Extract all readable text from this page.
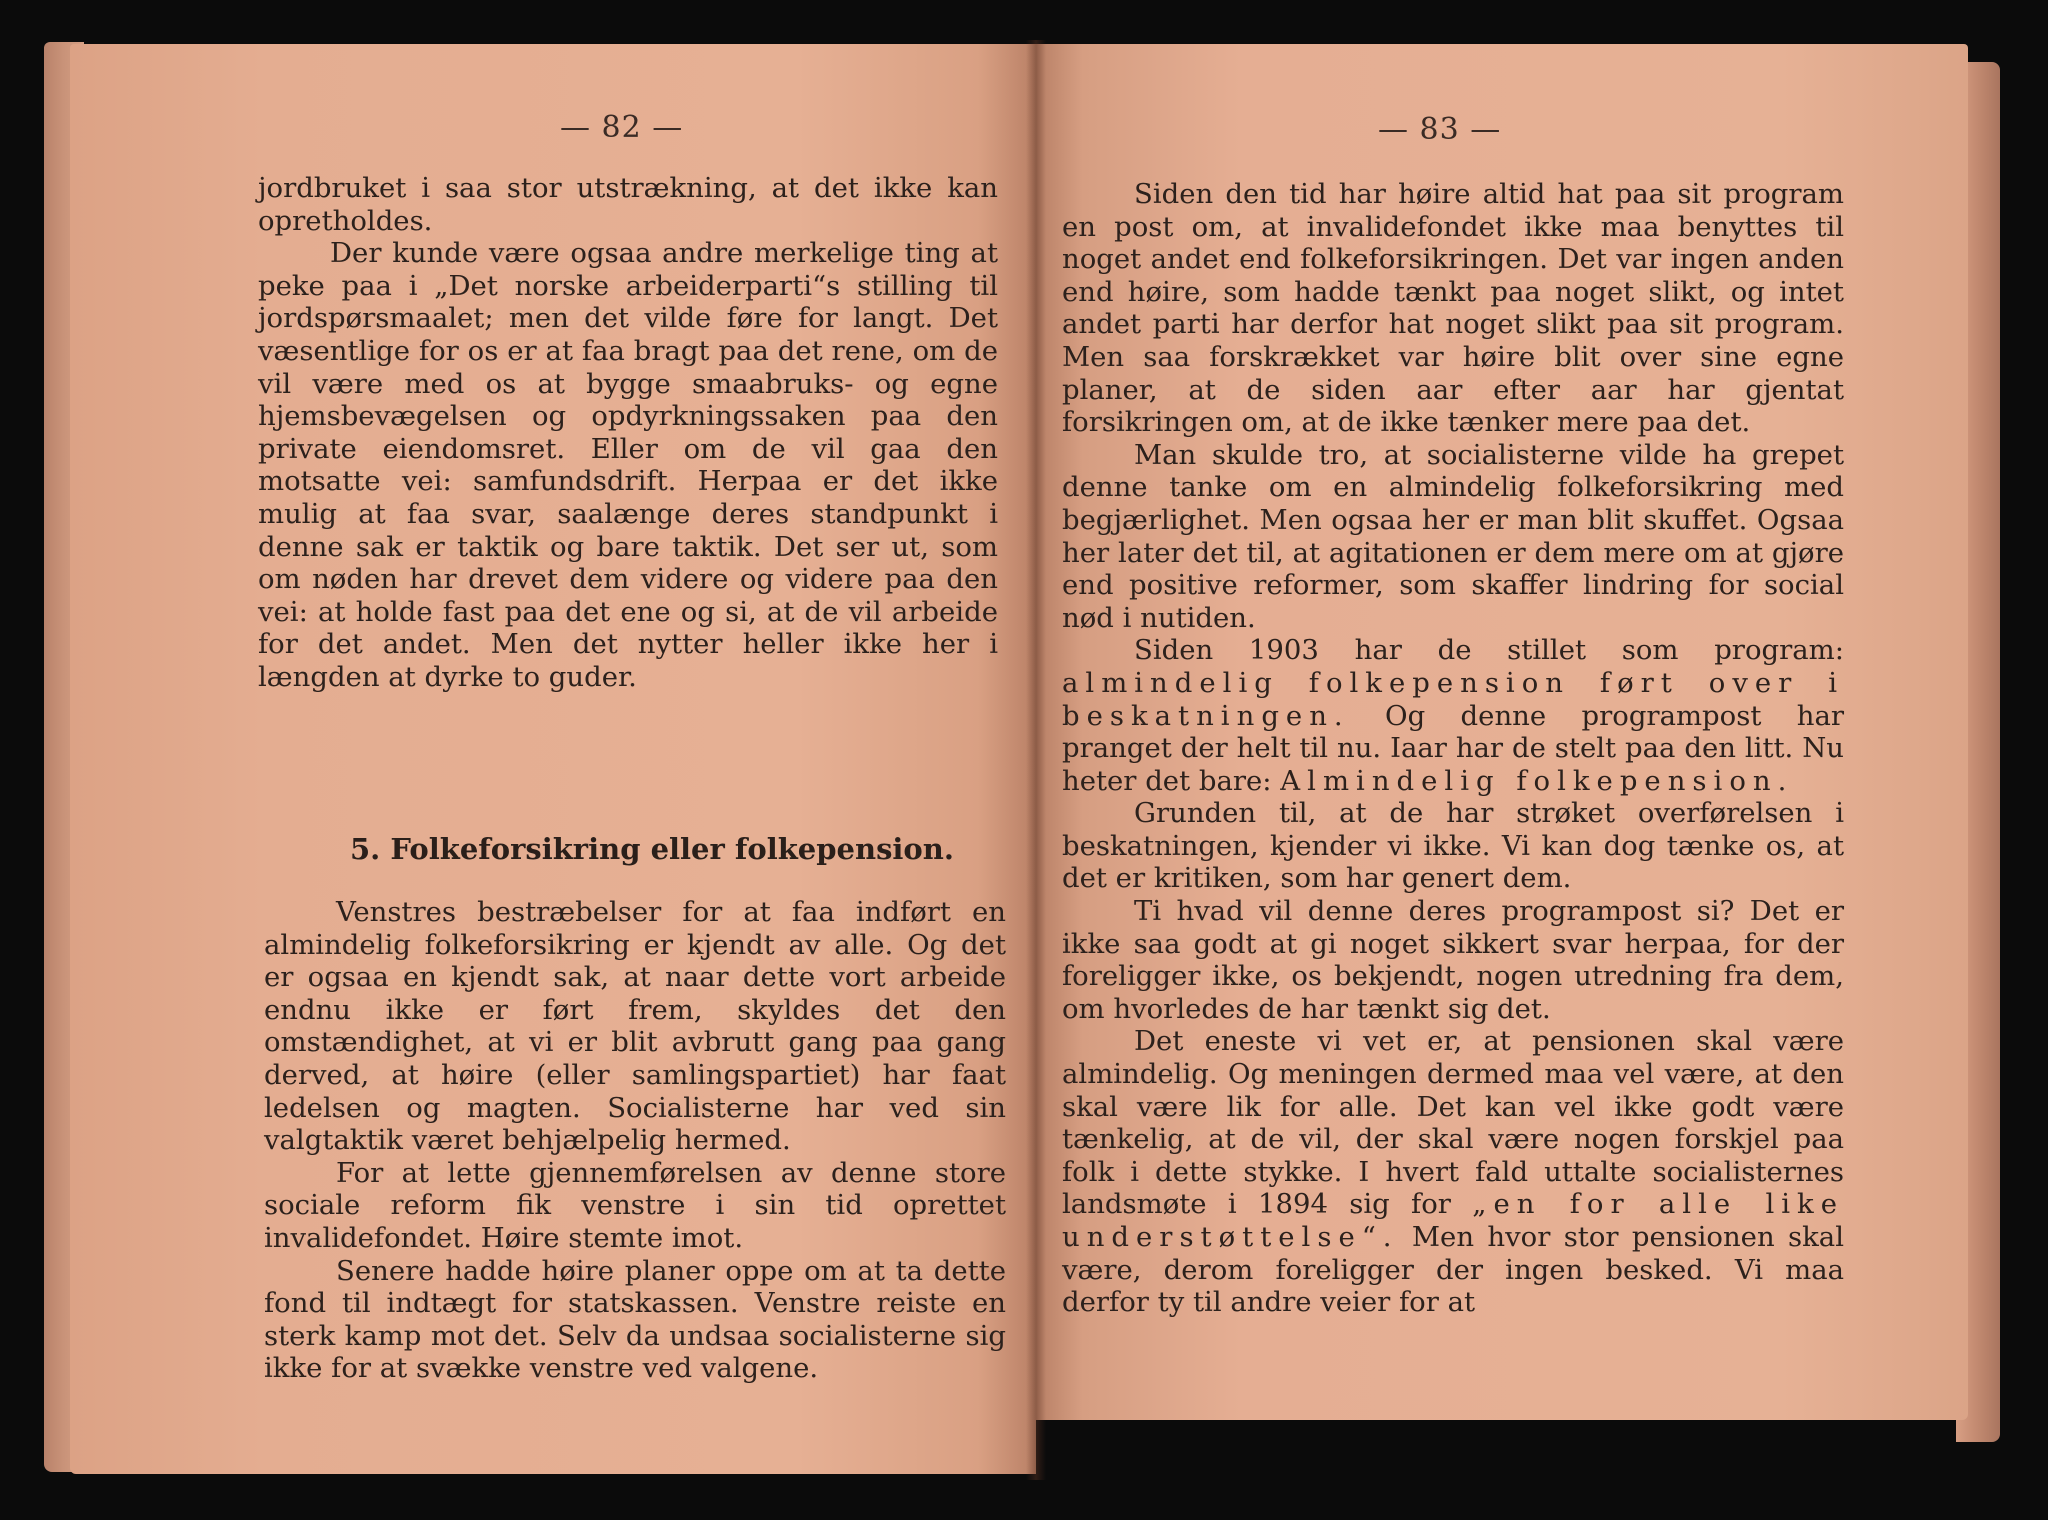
— 82 —

jordbruket i saa stor utstrækning, at det ikke kan opretholdes.

Der kunde være ogsaa andre merkelige ting at peke paa i „Det norske arbeiderparti“s stilling til jordspørsmaalet; men det vilde føre for langt. Det væsentlige for os er at faa bragt paa det rene, om de vil være med os at bygge smaabruks- og egne hjemsbevægelsen og opdyrkningssaken paa den private eiendomsret. Eller om de vil gaa den motsatte vei: samfundsdrift. Herpaa er det ikke mulig at faa svar, saalænge deres standpunkt i denne sak er taktik og bare taktik. Det ser ut, som om nøden har drevet dem videre og videre paa den vei: at holde fast paa det ene og si, at de vil arbeide for det andet. Men det nytter heller ikke her i længden at dyrke to guder.

5. Folkeforsikring eller folkepension.

Venstres bestræbelser for at faa indført en almindelig folkeforsikring er kjendt av alle. Og det er ogsaa en kjendt sak, at naar dette vort arbeide endnu ikke er ført frem, skyldes det den omstændighet, at vi er blit avbrutt gang paa gang derved, at høire (eller samlingspartiet) har faat ledelsen og magten. Socialisterne har ved sin valgtaktik været behjælpelig hermed.

For at lette gjennemførelsen av denne store sociale reform fik venstre i sin tid oprettet invalidefondet. Høire stemte imot.

Senere hadde høire planer oppe om at ta dette fond til indtægt for statskassen. Venstre reiste en sterk kamp mot det. Selv da undsaa socialisterne sig ikke for at svække venstre ved valgene.

— 83 —

Siden den tid har høire altid hat paa sit program en post om, at invalidefondet ikke maa benyttes til noget andet end folkeforsikringen. Det var ingen anden end høire, som hadde tænkt paa noget slikt, og intet andet parti har derfor hat noget slikt paa sit program. Men saa forskrækket var høire blit over sine egne planer, at de siden aar efter aar har gjentat forsikringen om, at de ikke tænker mere paa det.

Man skulde tro, at socialisterne vilde ha grepet denne tanke om en almindelig folkeforsikring med begjærlighet. Men ogsaa her er man blit skuffet. Ogsaa her later det til, at agitationen er dem mere om at gjøre end positive reformer, som skaffer lindring for social nød i nutiden.

Siden 1903 har de stillet som program: almindelig folkepension ført over i beskatningen. Og denne programpost har pranget der helt til nu. Iaar har de stelt paa den litt. Nu heter det bare: Almindelig folkepension.

Grunden til, at de har strøket overførelsen i beskatningen, kjender vi ikke. Vi kan dog tænke os, at det er kritiken, som har genert dem.

Ti hvad vil denne deres programpost si? Det er ikke saa godt at gi noget sikkert svar herpaa, for der foreligger ikke, os bekjendt, nogen utredning fra dem, om hvorledes de har tænkt sig det.

Det eneste vi vet er, at pensionen skal være almindelig. Og meningen dermed maa vel være, at den skal være lik for alle. Det kan vel ikke godt være tænkelig, at de vil, der skal være nogen forskjel paa folk i dette stykke. I hvert fald uttalte socialisternes landsmøte i 1894 sig for „en for alle like understøttelse“. Men hvor stor pensionen skal være, derom foreligger der ingen besked. Vi maa derfor ty til andre veier for at
